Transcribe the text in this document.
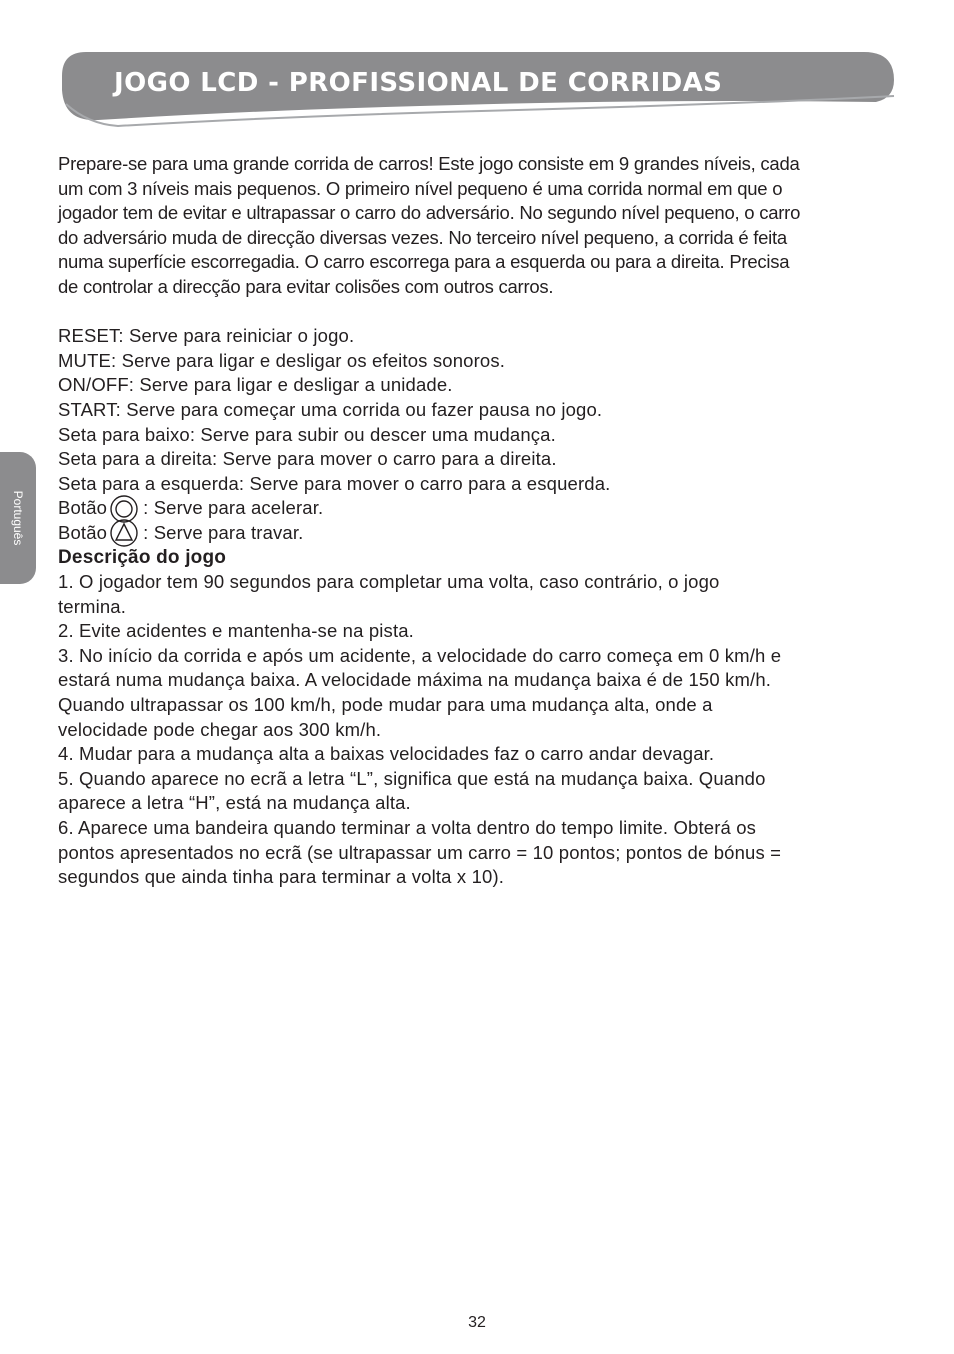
JOGO LCD - PROFISSIONAL DE CORRIDAS
Português

Prepare-se para uma grande corrida de carros! Este jogo consiste em 9 grandes níveis, cada

um com 3 níveis mais pequenos. O primeiro nível pequeno é uma corrida normal em que o

jogador tem de evitar e ultrapassar o carro do adversário. No segundo nível pequeno, o carro

do adversário muda de direcção diversas vezes. No terceiro nível pequeno, a corrida é feita

numa superfície escorregadia. O carro escorrega para a esquerda ou para a direita. Precisa

de controlar a direcção para evitar colisões com outros carros.

RESET: Serve para reiniciar o jogo.

MUTE: Serve para ligar e desligar os efeitos sonoros.

ON/OFF: Serve para ligar e desligar a unidade.

START: Serve para começar uma corrida ou fazer pausa no jogo.

Seta para baixo: Serve para subir ou descer uma mudança.

Seta para a direita: Serve para mover o carro para a direita.

Seta para a esquerda: Serve para mover o carro para a esquerda.

Botão : Serve para acelerar.
Botão : Serve para travar.

Descrição do jogo

1. O jogador tem 90 segundos para completar uma volta, caso contrário, o jogo

termina.

2. Evite acidentes e mantenha-se na pista.

3. No início da corrida e após um acidente, a velocidade do carro começa em 0 km/h e

estará numa mudança baixa. A velocidade máxima na mudança baixa é de 150 km/h.

Quando ultrapassar os 100 km/h, pode mudar para uma mudança alta, onde a

velocidade pode chegar aos 300 km/h.

4. Mudar para a mudança alta a baixas velocidades faz o carro andar devagar.

5. Quando aparece no ecrã a letra “L”, significa que está na mudança baixa. Quando

aparece a letra “H”, está na mudança alta.

6. Aparece uma bandeira quando terminar a volta dentro do tempo limite. Obterá os

pontos apresentados no ecrã (se ultrapassar um carro = 10 pontos; pontos de bónus =

segundos que ainda tinha para terminar a volta x 10).

32
